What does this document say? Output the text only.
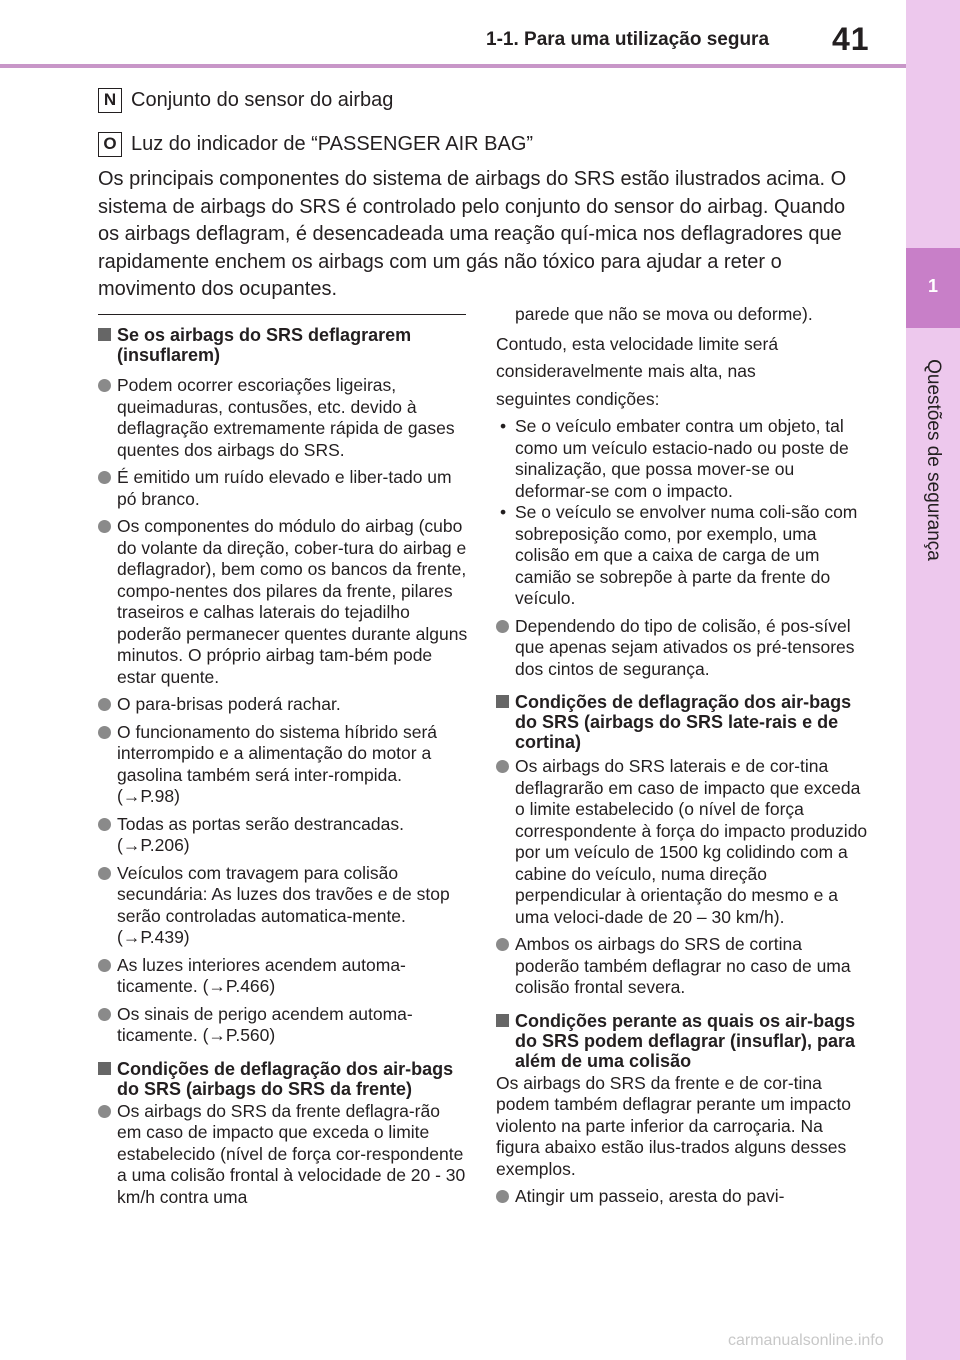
1
Questões de segurança
1-1. Para uma utilização segura 41
N Conjunto do sensor do airbag
O Luz do indicador de “PASSENGER AIR BAG”
Os principais componentes do sistema de airbags do SRS estão ilustrados acima. O sistema de airbags do SRS é controlado pelo conjunto do sensor do airbag. Quando os airbags deflagram, é desencadeada uma reação quí-mica nos deflagradores que rapidamente enchem os airbags com um gás não tóxico para ajudar a reter o movimento dos ocupantes.
Se os airbags do SRS deflagrarem (insuflarem)
Podem ocorrer escoriações ligeiras, queimaduras, contusões, etc. devido à deflagração extremamente rápida de gases quentes dos airbags do SRS.
É emitido um ruído elevado e liber-tado um pó branco.
Os componentes do módulo do airbag (cubo do volante da direção, cober-tura do airbag e deflagrador), bem como os bancos da frente, compo-nentes dos pilares da frente, pilares traseiros e calhas laterais do tejadilho poderão permanecer quentes durante alguns minutos. O próprio airbag tam-bém pode estar quente.
O para-brisas poderá rachar.
O funcionamento do sistema híbrido será interrompido e a alimentação do motor a gasolina também será inter-rompida. (→P.98)
Todas as portas serão destrancadas. (→P.206)
Veículos com travagem para colisão secundária: As luzes dos travões e de stop serão controladas automatica-mente. (→P.439)
As luzes interiores acendem automa-ticamente. (→P.466)
Os sinais de perigo acendem automa-ticamente. (→P.560)
Condições de deflagração dos air-bags do SRS (airbags do SRS da frente)
Os airbags do SRS da frente deflagra-rão em caso de impacto que exceda o limite estabelecido (nível de força cor-respondente a uma colisão frontal à velocidade de 20 - 30 km/h contra uma
parede que não se mova ou deforme).
Contudo, esta velocidade limite será
consideravelmente mais alta, nas
seguintes condições:
• Se o veículo embater contra um objeto, tal como um veículo estacio-nado ou poste de sinalização, que possa mover-se ou deformar-se com o impacto.
• Se o veículo se envolver numa coli-são com sobreposição como, por exemplo, uma colisão em que a caixa de carga de um camião se sobrepõe à parte da frente do veículo.
Dependendo do tipo de colisão, é pos-sível que apenas sejam ativados os pré-tensores dos cintos de segurança.
Condições de deflagração dos air-bags do SRS (airbags do SRS late-rais e de cortina)
Os airbags do SRS laterais e de cor-tina deflagrarão em caso de impacto que exceda o limite estabelecido (o nível de força correspondente à força do impacto produzido por um veículo de 1500 kg colidindo com a cabine do veículo, numa direção perpendicular à orientação do mesmo e a uma veloci-dade de 20 – 30 km/h).
Ambos os airbags do SRS de cortina poderão também deflagrar no caso de uma colisão frontal severa.
Condições perante as quais os air-bags do SRS podem deflagrar (insuflar), para além de uma colisão
Os airbags do SRS da frente e de cor-tina podem também deflagrar perante um impacto violento na parte inferior da carroçaria. Na figura abaixo estão ilus-trados alguns desses exemplos.
Atingir um passeio, aresta do pavi-
carmanualsonline.info
